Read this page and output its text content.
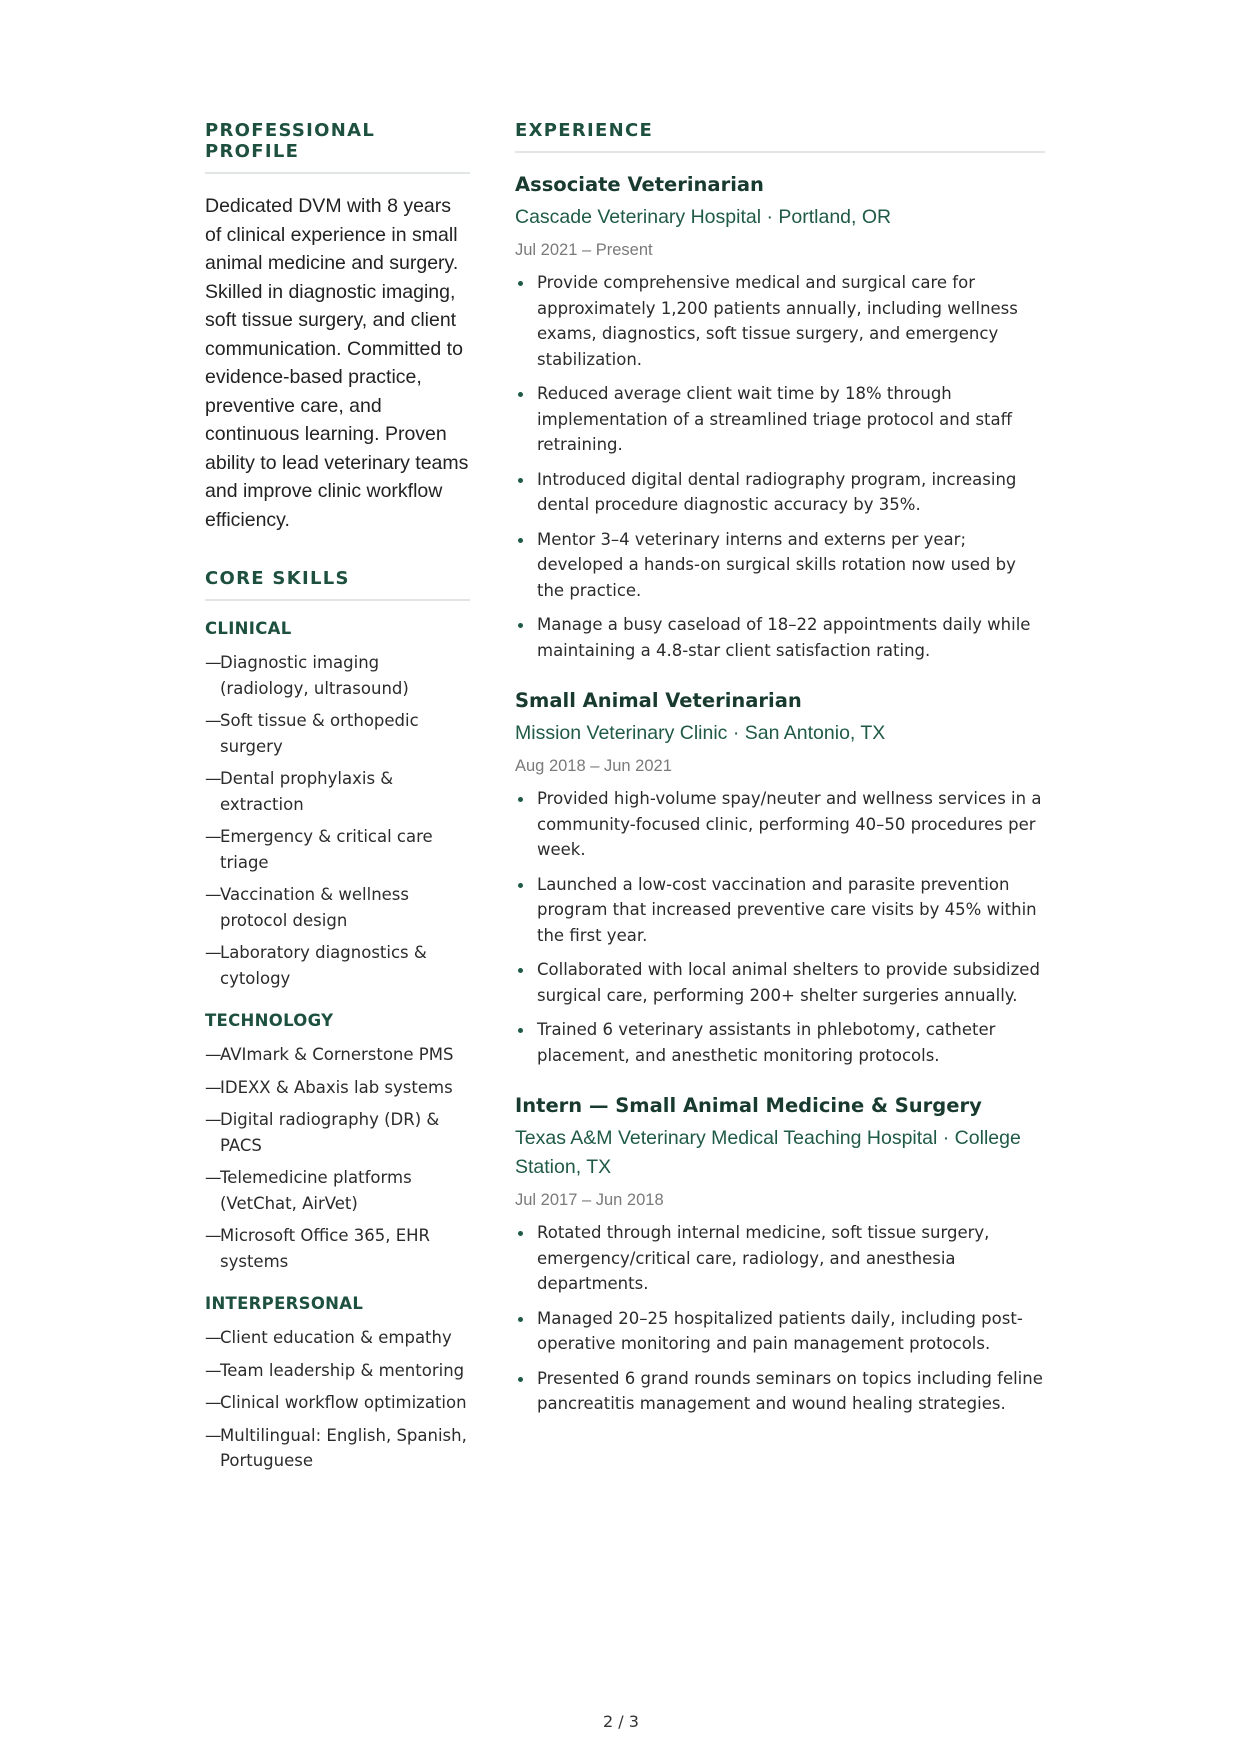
PROFESSIONAL PROFILE

Dedicated DVM with 8 years of clinical experience in small animal medicine and surgery. Skilled in diagnostic imaging, soft tissue surgery, and client communication. Committed to evidence-based practice, preventive care, and continuous learning. Proven ability to lead veterinary teams and improve clinic workflow efficiency.

CORE SKILLS
CLINICAL
—
Diagnostic imaging (radiology, ultrasound)
—
Soft tissue & orthopedic surgery
—
Dental prophylaxis & extraction
—
Emergency & critical care triage
—
Vaccination & wellness protocol design
—
Laboratory diagnostics & cytology
TECHNOLOGY
—
AVImark & Cornerstone PMS
—
IDEXX & Abaxis lab systems
—
Digital radiography (DR) & PACS
—
Telemedicine platforms (VetChat, AirVet)
—
Microsoft Office 365, EHR systems
INTERPERSONAL
—
Client education & empathy
—
Team leadership & mentoring
—
Clinical workflow optimization
—
Multilingual: English, Spanish, Portuguese
EXPERIENCE
Associate Veterinarian
Cascade Veterinary Hospital · Portland, OR
Jul 2021 – Present
Provide comprehensive medical and surgical care for approximately 1,200 patients annually, including wellness exams, diagnostics, soft tissue surgery, and emergency stabilization.
Reduced average client wait time by 18% through implementation of a streamlined triage protocol and staff retraining.
Introduced digital dental radiography program, increasing dental procedure diagnostic accuracy by 35%.
Mentor 3–4 veterinary interns and externs per year; developed a hands-on surgical skills rotation now used by the practice.
Manage a busy caseload of 18–22 appointments daily while maintaining a 4.8-star client satisfaction rating.
Small Animal Veterinarian
Mission Veterinary Clinic · San Antonio, TX
Aug 2018 – Jun 2021
Provided high-volume spay/neuter and wellness services in a community-focused clinic, performing 40–50 procedures per week.
Launched a low-cost vaccination and parasite prevention program that increased preventive care visits by 45% within the first year.
Collaborated with local animal shelters to provide subsidized surgical care, performing 200+ shelter surgeries annually.
Trained 6 veterinary assistants in phlebotomy, catheter placement, and anesthetic monitoring protocols.
Intern — Small Animal Medicine & Surgery
Texas A&M Veterinary Medical Teaching Hospital · College Station, TX
Jul 2017 – Jun 2018
Rotated through internal medicine, soft tissue surgery, emergency/critical care, radiology, and anesthesia departments.
Managed 20–25 hospitalized patients daily, including post-operative monitoring and pain management protocols.
Presented 6 grand rounds seminars on topics including feline pancreatitis management and wound healing strategies.
2 / 3
